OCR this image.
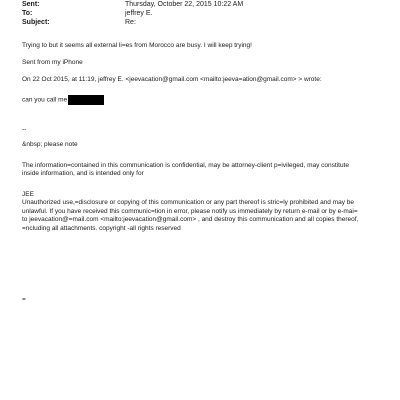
Sent:	Thursday, October 22, 2015 10:22 AM
To:	jeffrey E.
Subject:	Re:

Trying to but it seems all external li=es from Morocco are busy. I will keep trying!

Sent from my iPhone

On 22 Oct 2015, at 11:19, jeffrey E. <jeevacation@gmail.com <mailto:jeeva=ation@gmail.com> > wrote:

can you call me

--

&nbsp; please note

The information=contained in this communication is confidential, may be attorney-client p=ivileged, may constitute

inside information, and is intended only for

JEE

Unauthorized use,=disclosure or copying of this communication or any part thereof is stric=ly prohibited and may be

unlawful. If you have received this communic=tion in error, please notify us immediately by return e-mail or by e-mai=

to jeevacation@=mail.com <mailto:jeevacation@gmail.com> , and destroy this communication and all copies thereof,

=ncluding all attachments. copyright -all rights reserved

=
